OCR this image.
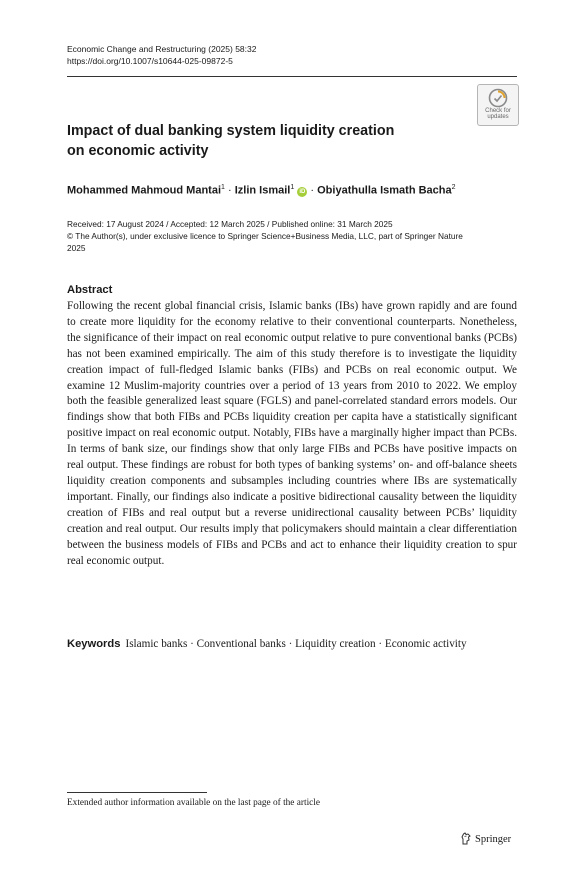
Economic Change and Restructuring (2025) 58:32
https://doi.org/10.1007/s10644-025-09872-5
Check for
updates
Impact of dual banking system liquidity creation
on economic activity
Mohammed Mahmoud Mantai$^1$ · Izlin Ismail$^1$ iD · Obiyathulla Ismath Bacha$^2$
Received: 17 August 2024 / Accepted: 12 March 2025 / Published online: 31 March 2025
© The Author(s), under exclusive licence to Springer Science+Business Media, LLC, part of Springer Nature
2025
Abstract
Following the recent global financial crisis, Islamic banks (IBs) have grown rapidly and are found to create more liquidity for the economy relative to their conventional counterparts. Nonetheless, the significance of their impact on real economic output relative to pure conventional banks (PCBs) has not been examined empirically. The aim of this study therefore is to investigate the liquidity creation impact of full-fledged Islamic banks (FIBs) and PCBs on real economic output. We examine 12 Muslim-majority countries over a period of 13 years from 2010 to 2022. We employ both the feasible generalized least square (FGLS) and panel-correlated standard errors models. Our findings show that both FIBs and PCBs liquidity creation per capita have a statistically significant positive impact on real economic output. Notably, FIBs have a marginally higher impact than PCBs. In terms of bank size, our findings show that only large FIBs and PCBs have positive impacts on real output. These findings are robust for both types of banking systems’ on- and off-balance sheets liquidity creation components and subsamples including countries where IBs are systematically important. Finally, our findings also indicate a positive bidirectional causality between the liquidity creation of FIBs and real output but a reverse unidirectional causality between PCBs’ liquidity creation and real output. Our results imply that policymakers should maintain a clear differentiation between the business models of FIBs and PCBs and act to enhance their liquidity creation to spur real economic output.
Keywords Islamic banks · Conventional banks · Liquidity creation · Economic activity
Extended author information available on the last page of the article
Springer
